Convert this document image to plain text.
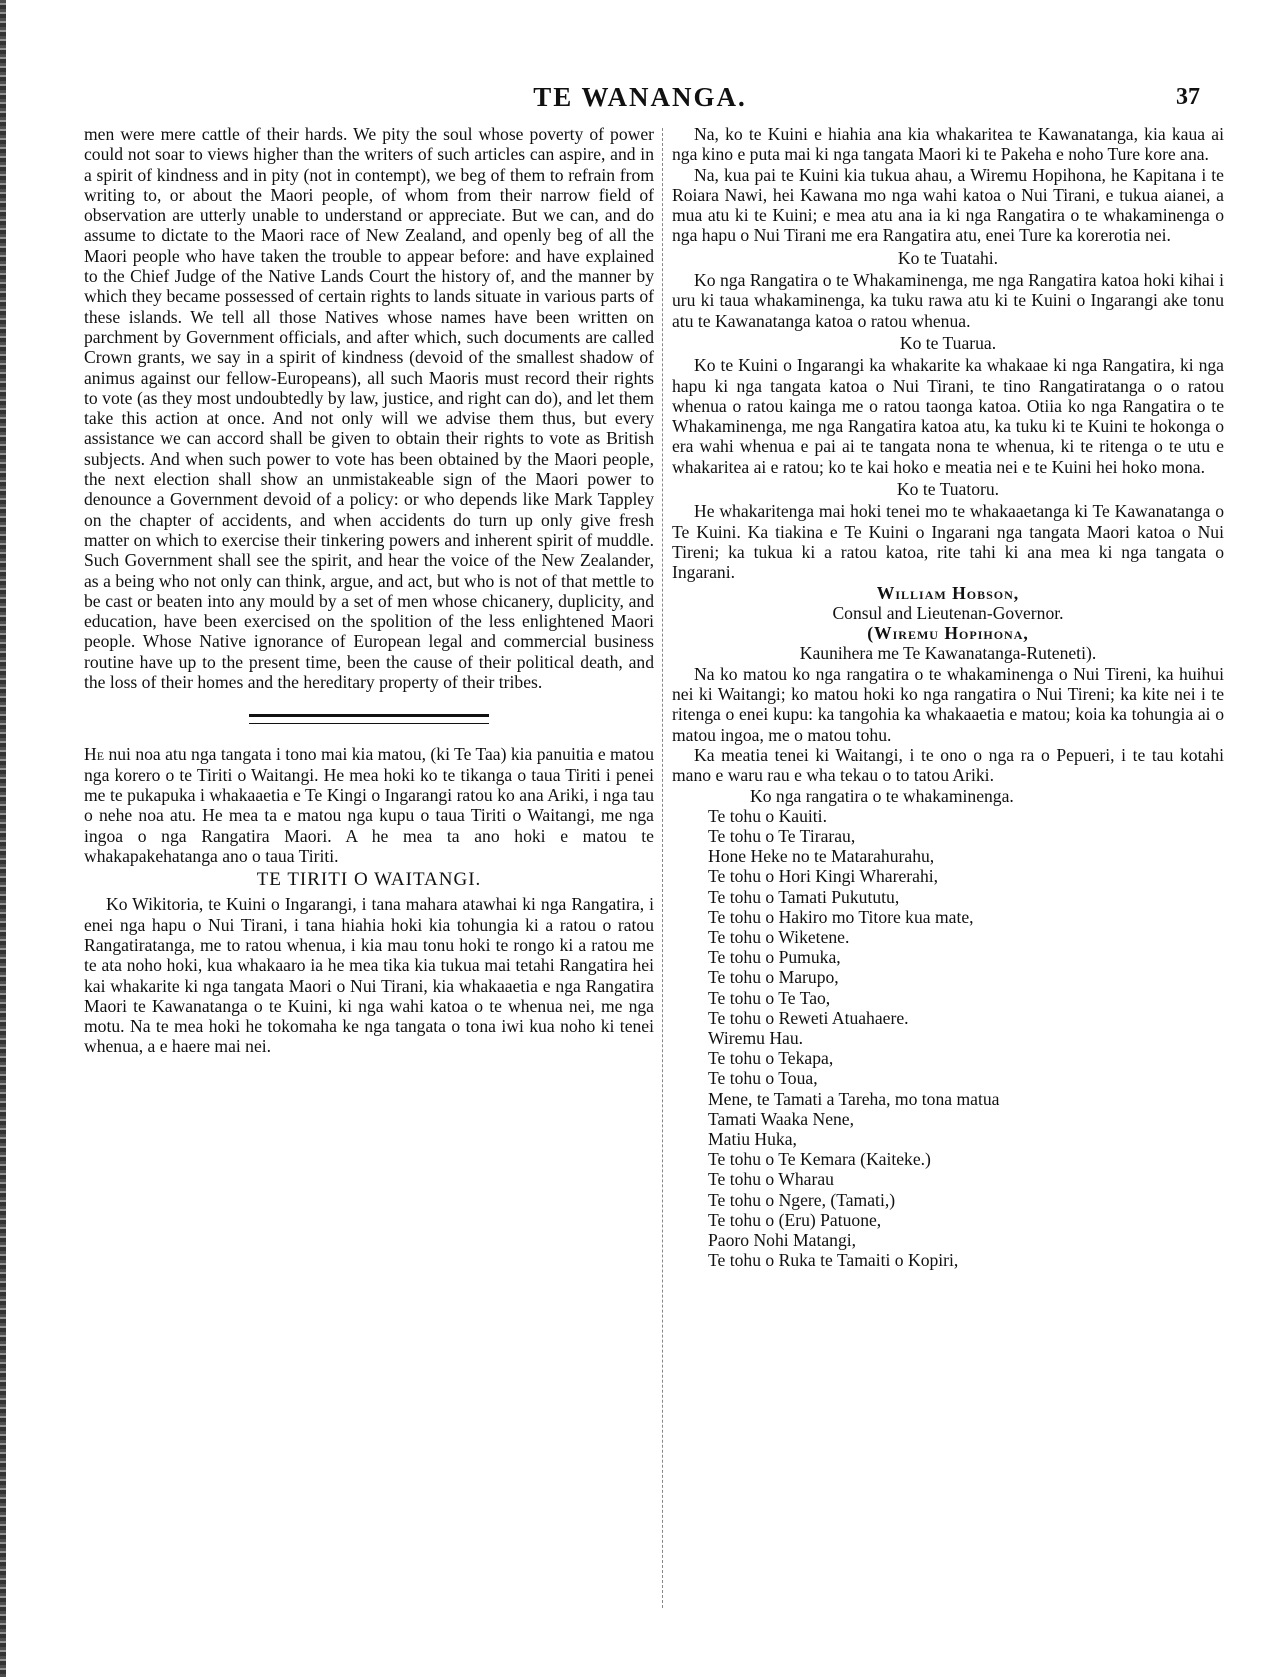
TE WANANGA.	37

men were mere cattle of their hards. We pity the soul whose poverty of power could not soar to views higher than the writers of such articles can aspire, and in a spirit of kindness and in pity (not in contempt), we beg of them to refrain from writing to, or about the Maori people, of whom from their narrow field of observation are utterly unable to understand or appreciate. But we can, and do assume to dictate to the Maori race of New Zealand, and openly beg of all the Maori people who have taken the trouble to appear before: and have explained to the Chief Judge of the Native Lands Court the history of, and the manner by which they became possessed of certain rights to lands situate in various parts of these islands. We tell all those Natives whose names have been written on parchment by Government officials, and after which, such documents are called Crown grants, we say in a spirit of kindness (devoid of the smallest shadow of animus against our fellow-Europeans), all such Maoris must record their rights to vote (as they most undoubtedly by law, justice, and right can do), and let them take this action at once. And not only will we advise them thus, but every assistance we can accord shall be given to obtain their rights to vote as British subjects. And when such power to vote has been obtained by the Maori people, the next election shall show an unmistakeable sign of the Maori power to denounce a Government devoid of a policy: or who depends like Mark Tappley on the chapter of accidents, and when accidents do turn up only give fresh matter on which to exercise their tinkering powers and inherent spirit of muddle. Such Government shall see the spirit, and hear the voice of the New Zealander, as a being who not only can think, argue, and act, but who is not of that mettle to be cast or beaten into any mould by a set of men whose chicanery, duplicity, and education, have been exercised on the spolition of the less enlightened Maori people. Whose Native ignorance of European legal and commercial business routine have up to the present time, been the cause of their political death, and the loss of their homes and the hereditary property of their tribes.

He nui noa atu nga tangata i tono mai kia matou, (ki Te Taa) kia panuitia e matou nga korero o te Tiriti o Waitangi. He mea hoki ko te tikanga o taua Tiriti i penei me te pukapuka i whakaaetia e Te Kingi o Ingarangi ratou ko ana Ariki, i nga tau o nehe noa atu. He mea ta e matou nga kupu o taua Tiriti o Waitangi, me nga ingoa o nga Rangatira Maori. A he mea ta ano hoki e matou te whakapakehatanga ano o taua Tiriti.

TE TIRITI O WAITANGI.

Ko Wikitoria, te Kuini o Ingarangi, i tana mahara atawhai ki nga Rangatira, i enei nga hapu o Nui Tirani, i tana hiahia hoki kia tohungia ki a ratou o ratou Rangatiratanga, me to ratou whenua, i kia mau tonu hoki te rongo ki a ratou me te ata noho hoki, kua whakaaro ia he mea tika kia tukua mai tetahi Rangatira hei kai whakarite ki nga tangata Maori o Nui Tirani, kia whakaaetia e nga Rangatira Maori te Kawanatanga o te Kuini, ki nga wahi katoa o te whenua nei, me nga motu. Na te mea hoki he tokomaha ke nga tangata o tona iwi kua noho ki tenei whenua, a e haere mai nei.

Na, ko te Kuini e hiahia ana kia whakaritea te Kawanatanga, kia kaua ai nga kino e puta mai ki nga tangata Maori ki te Pakeha e noho Ture kore ana.

Na, kua pai te Kuini kia tukua ahau, a Wiremu Hopihona, he Kapitana i te Roiara Nawi, hei Kawana mo nga wahi katoa o Nui Tirani, e tukua aianei, a mua atu ki te Kuini; e mea atu ana ia ki nga Rangatira o te whakaminenga o nga hapu o Nui Tirani me era Rangatira atu, enei Ture ka korerotia nei.

Ko te Tuatahi.

Ko nga Rangatira o te Whakaminenga, me nga Rangatira katoa hoki kihai i uru ki taua whakaminenga, ka tuku rawa atu ki te Kuini o Ingarangi ake tonu atu te Kawanatanga katoa o ratou whenua.

Ko te Tuarua.

Ko te Kuini o Ingarangi ka whakarite ka whakaae ki nga Rangatira, ki nga hapu ki nga tangata katoa o Nui Tirani, te tino Rangatiratanga o o ratou whenua o ratou kainga me o ratou taonga katoa. Otiia ko nga Rangatira o te Whakaminenga, me nga Rangatira katoa atu, ka tuku ki te Kuini te hokonga o era wahi whenua e pai ai te tangata nona te whenua, ki te ritenga o te utu e whakaritea ai e ratou; ko te kai hoko e meatia nei e te Kuini hei hoko mona.

Ko te Tuatoru.

He whakaritenga mai hoki tenei mo te whakaaetanga ki Te Kawanatanga o Te Kuini. Ka tiakina e Te Kuini o Ingarani nga tangata Maori katoa o Nui Tireni; ka tukua ki a ratou katoa, rite tahi ki ana mea ki nga tangata o Ingarani.

William Hobson,
Consul and Lieutenan-Governor.
(Wiremu Hopihona,
Kaunihera me Te Kawanatanga-Ruteneti).

Na ko matou ko nga rangatira o te whakaminenga o Nui Tireni, ka huihui nei ki Waitangi; ko matou hoki ko nga rangatira o Nui Tireni; ka kite nei i te ritenga o enei kupu: ka tangohia ka whakaaetia e matou; koia ka tohungia ai o matou ingoa, me o matou tohu.

Ka meatia tenei ki Waitangi, i te ono o nga ra o Pepueri, i te tau kotahi mano e waru rau e wha tekau o to tatou Ariki.

Ko nga rangatira o te whakaminenga.
Te tohu o Kauiti.
Te tohu o Te Tirarau,
Hone Heke no te Matarahurahu,
Te tohu o Hori Kingi Wharerahi,
Te tohu o Tamati Pukututu,
Te tohu o Hakiro mo Titore kua mate,
Te tohu o Wiketene.
Te tohu o Pumuka,
Te tohu o Marupo,
Te tohu o Te Tao,
Te tohu o Reweti Atuahaere.
Wiremu Hau.
Te tohu o Tekapa,
Te tohu o Toua,
Mene, te Tamati a Tareha, mo tona matua
Tamati Waaka Nene,
Matiu Huka,
Te tohu o Te Kemara (Kaiteke.)
Te tohu o Wharau
Te tohu o Ngere, (Tamati,)
Te tohu o (Eru) Patuone,
Paoro Nohi Matangi,
Te tohu o Ruka te Tamaiti o Kopiri,
